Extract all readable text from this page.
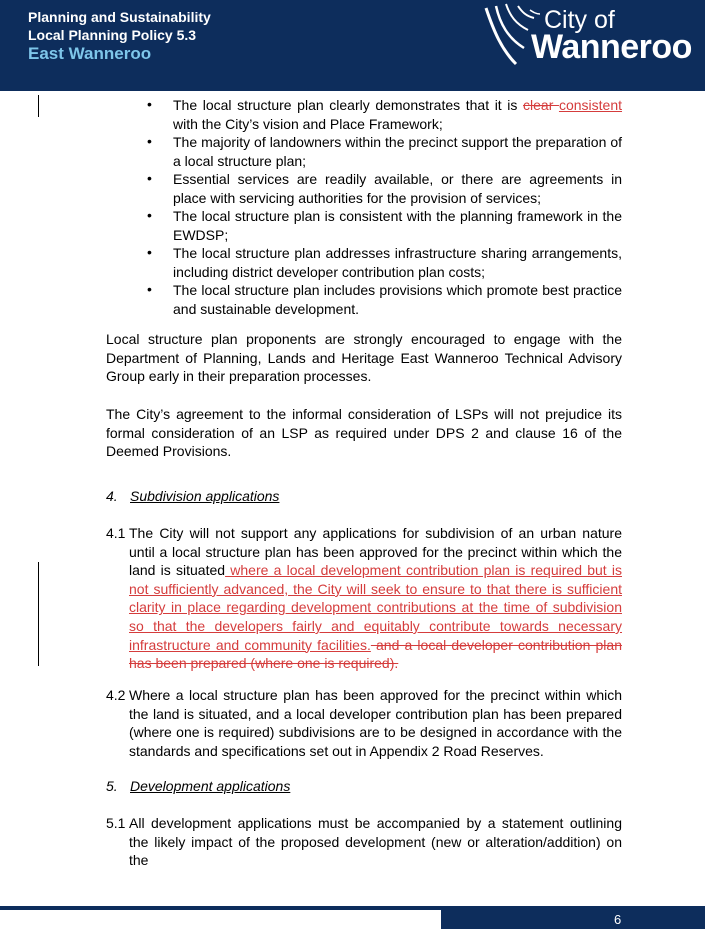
Planning and Sustainability
Local Planning Policy 5.3
East Wanneroo
City of
Wanneroo
• The local structure plan clearly demonstrates that it is clear consistent with the City’s vision and Place Framework;

• The majority of landowners within the precinct support the preparation of a local structure plan;

• Essential services are readily available, or there are agreements in place with servicing authorities for the provision of services;

• The local structure plan is consistent with the planning framework in the EWDSP;

• The local structure plan addresses infrastructure sharing arrangements, including district developer contribution plan costs;

• The local structure plan includes provisions which promote best practice and sustainable development.

Local structure plan proponents are strongly encouraged to engage with the Department of Planning, Lands and Heritage East Wanneroo Technical Advisory Group early in their preparation processes.

The City’s agreement to the informal consideration of LSPs will not prejudice its formal consideration of an LSP as required under DPS 2 and clause 16 of the Deemed Provisions.

4. Subdivision applications
4.1 The City will not support any applications for subdivision of an urban nature until a local structure plan has been approved for the precinct within which the land is situated where a local development contribution plan is required but is not sufficiently advanced, the City will seek to ensure to that there is sufficient clarity in place regarding development contributions at the time of subdivision so that the developers fairly and equitably contribute towards necessary infrastructure and community facilities. and a local developer contribution plan has been prepared (where one is required).

4.2 Where a local structure plan has been approved for the precinct within which the land is situated, and a local developer contribution plan has been prepared (where one is required) subdivisions are to be designed in accordance with the standards and specifications set out in Appendix 2 Road Reserves.

5. Development applications
5.1 All development applications must be accompanied by a statement outlining the likely impact of the proposed development (new or alteration/addition) on the

6
